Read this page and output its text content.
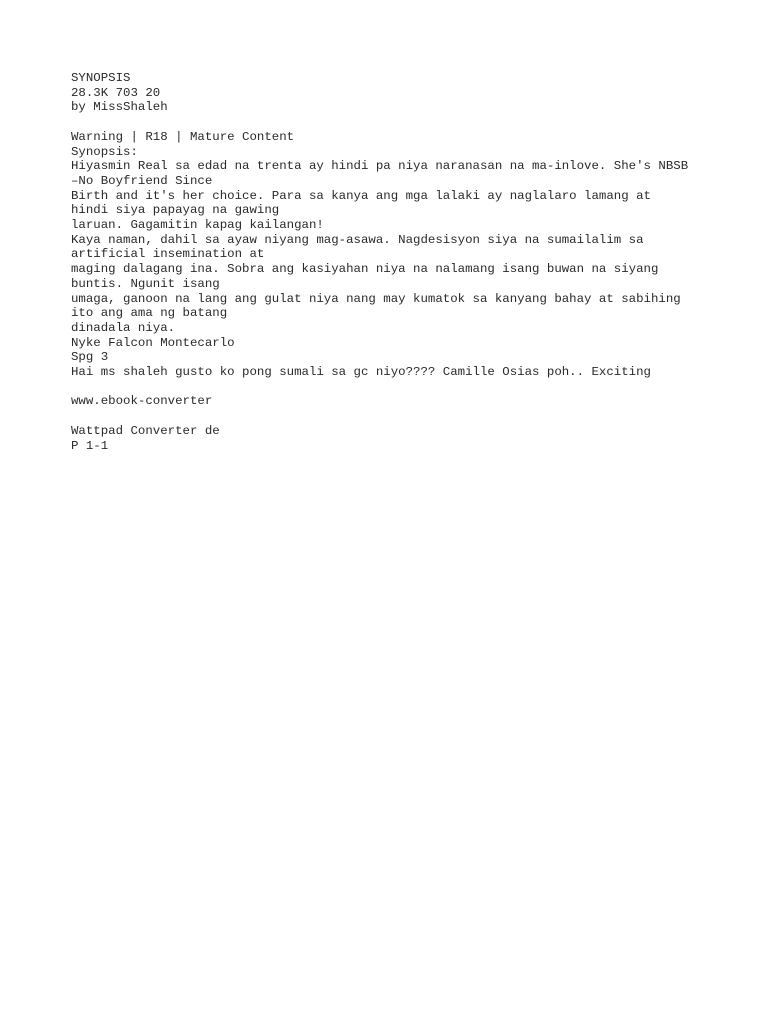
SYNOPSIS
28.3K 703 20
by MissShaleh
Warning | R18 | Mature Content
Synopsis:
Hiyasmin Real sa edad na trenta ay hindi pa niya naranasan na ma-inlove. She's NBSB
–No Boyfriend Since
Birth and it's her choice. Para sa kanya ang mga lalaki ay naglalaro lamang at
hindi siya papayag na gawing
laruan. Gagamitin kapag kailangan!
Kaya naman, dahil sa ayaw niyang mag-asawa. Nagdesisyon siya na sumailalim sa
artificial insemination at
maging dalagang ina. Sobra ang kasiyahan niya na nalamang isang buwan na siyang
buntis. Ngunit isang
umaga, ganoon na lang ang gulat niya nang may kumatok sa kanyang bahay at sabihing
ito ang ama ng batang
dinadala niya.
Nyke Falcon Montecarlo
Spg 3
Hai ms shaleh gusto ko pong sumali sa gc niyo???? Camille Osias poh.. Exciting
www.ebook-converter
Wattpad Converter de
P 1-1
